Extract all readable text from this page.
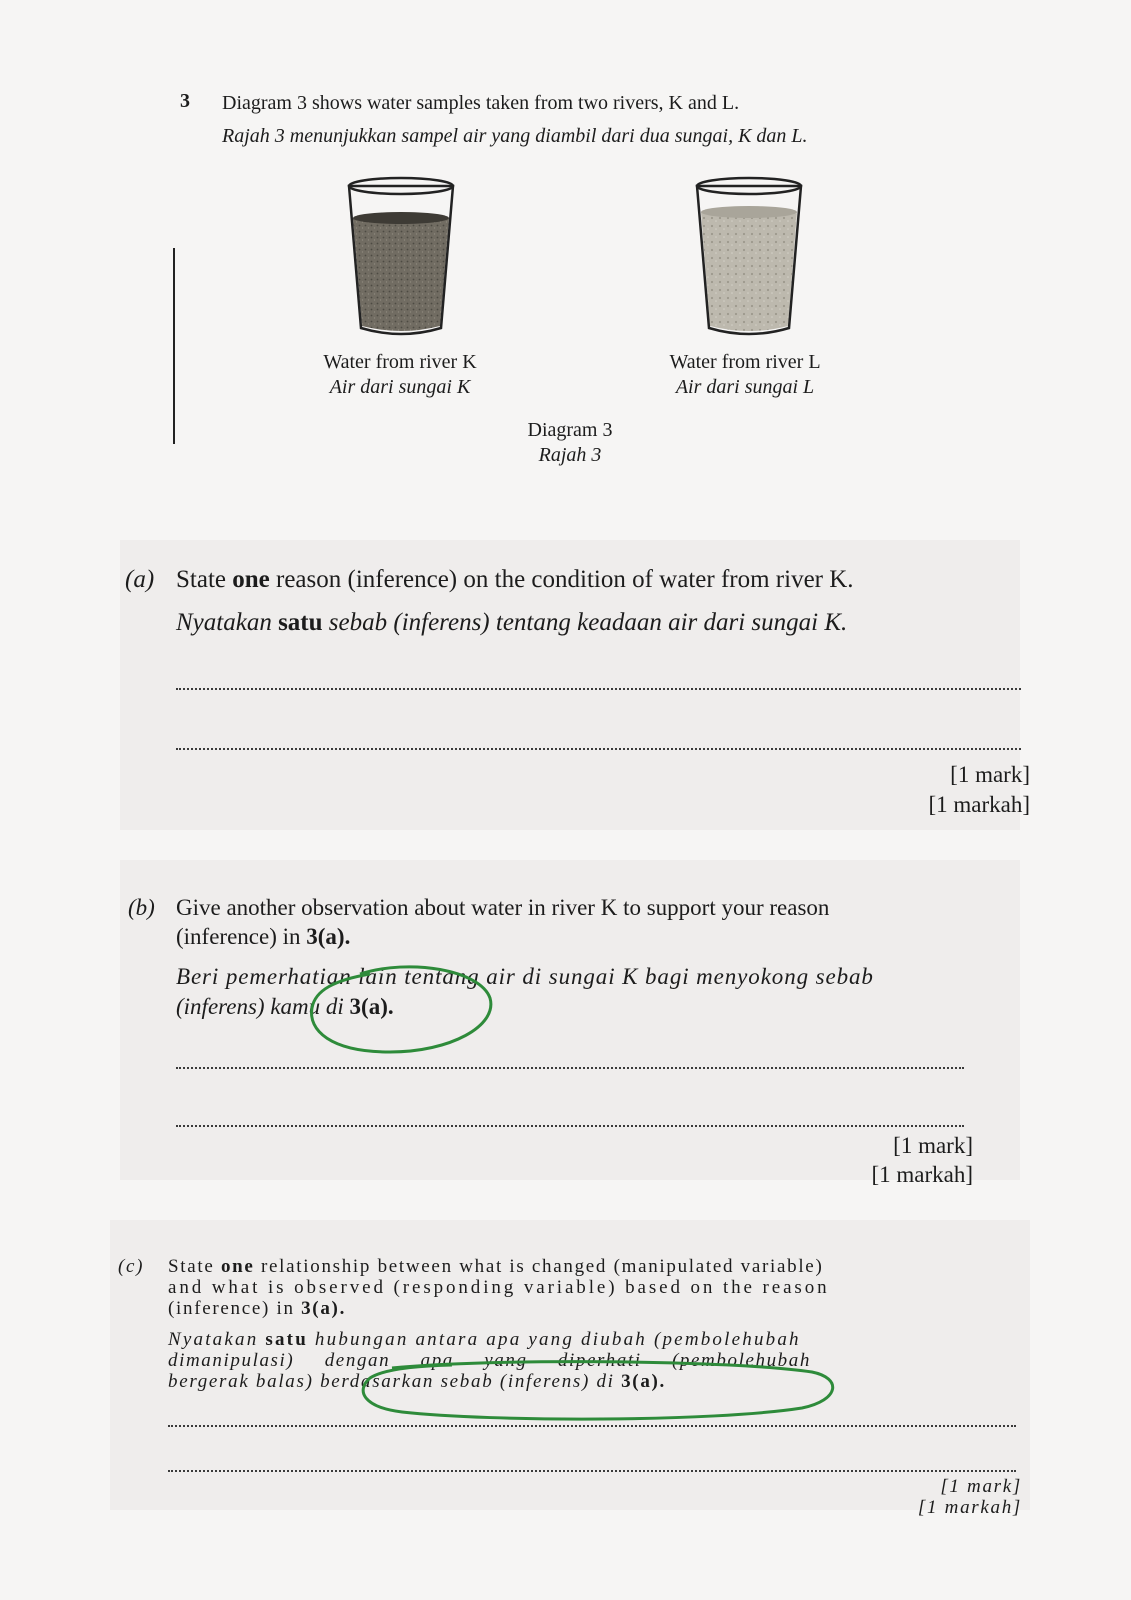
3 Diagram 3 shows water samples taken from two rivers, K and L.
Rajah 3 menunjukkan sampel air yang diambil dari dua sungai, K dan L.
Water from river K
Air dari sungai K
Water from river L
Air dari sungai L
Diagram 3
Rajah 3
(a) State one reason (inference) on the condition of water from river K.
Nyatakan satu sebab (inferens) tentang keadaan air dari sungai K.
[1 mark]
[1 markah]
(b) Give another observation about water in river K to support your reason
(inference) in 3(a).
Beri pemerhatian lain tentang air di sungai K bagi menyokong sebab
(inferens) kamu di 3(a).
[1 mark]
[1 markah]
(c) State one relationship between what is changed (manipulated variable)
and what is observed (responding variable) based on the reason
(inference) in 3(a).
Nyatakan satu hubungan antara apa yang diubah (pembolehubah
dimanipulasi) dengan apa yang diperhati (pembolehubah
bergerak balas) berdasarkan sebab (inferens) di 3(a).
[1 mark]
[1 markah]
